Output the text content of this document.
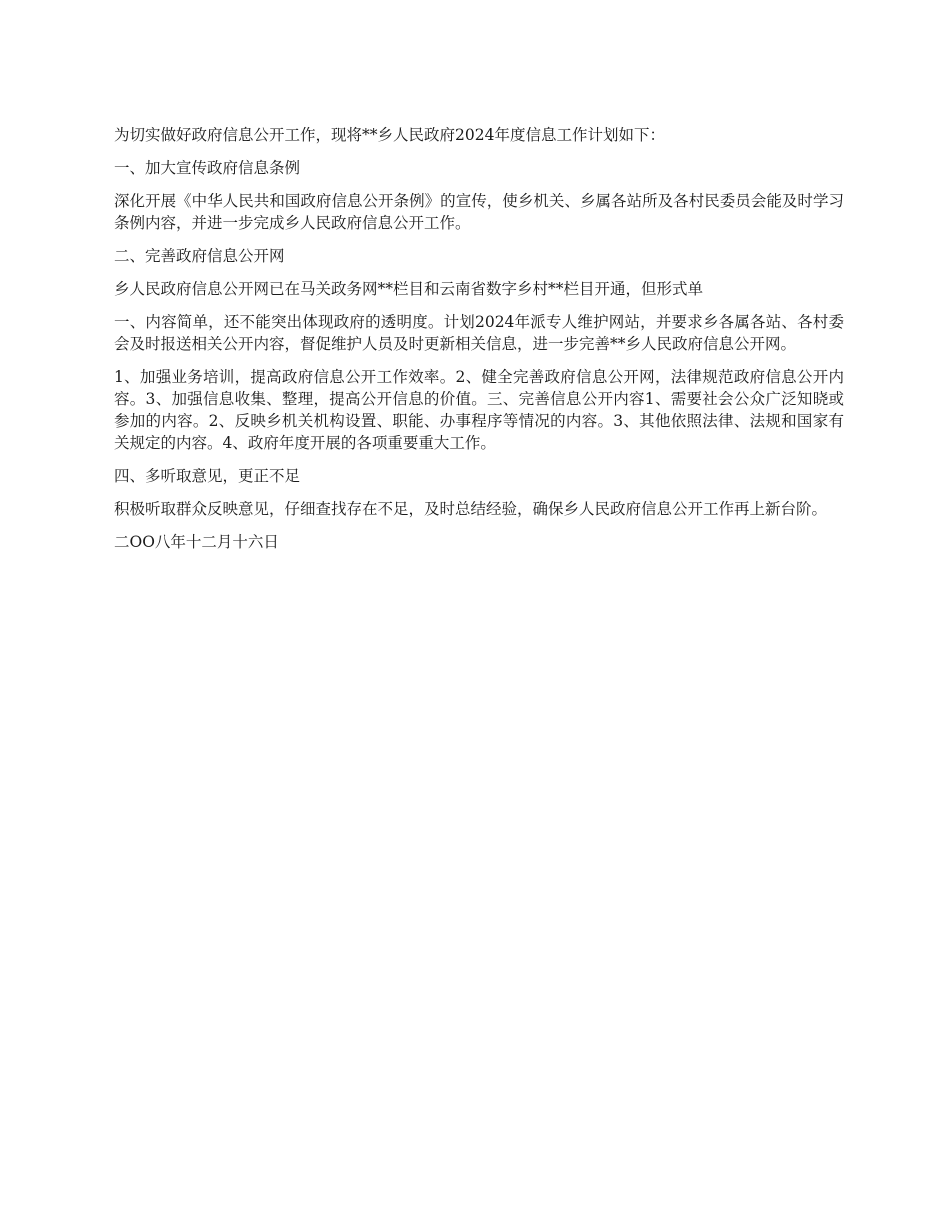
为切实做好政府信息公开工作，现将**乡人民政府2024年度信息工作计划如下：

一、加大宣传政府信息条例

深化开展《中华人民共和国政府信息公开条例》的宣传，使乡机关、乡属各站所及各村民委员会能及时学习条例内容，并进一步完成乡人民政府信息公开工作。

二、完善政府信息公开网

乡人民政府信息公开网已在马关政务网**栏目和云南省数字乡村**栏目开通，但形式单

一、内容简单，还不能突出体现政府的透明度。计划2024年派专人维护网站，并要求乡各属各站、各村委会及时报送相关公开内容，督促维护人员及时更新相关信息，进一步完善**乡人民政府信息公开网。

1、加强业务培训，提高政府信息公开工作效率。2、健全完善政府信息公开网，法律规范政府信息公开内容。3、加强信息收集、整理，提高公开信息的价值。三、完善信息公开内容1、需要社会公众广泛知晓或参加的内容。2、反映乡机关机构设置、职能、办事程序等情况的内容。3、其他依照法律、法规和国家有关规定的内容。4、政府年度开展的各项重要重大工作。

四、多听取意见，更正不足

积极听取群众反映意见，仔细查找存在不足，及时总结经验，确保乡人民政府信息公开工作再上新台阶。

二OO八年十二月十六日
